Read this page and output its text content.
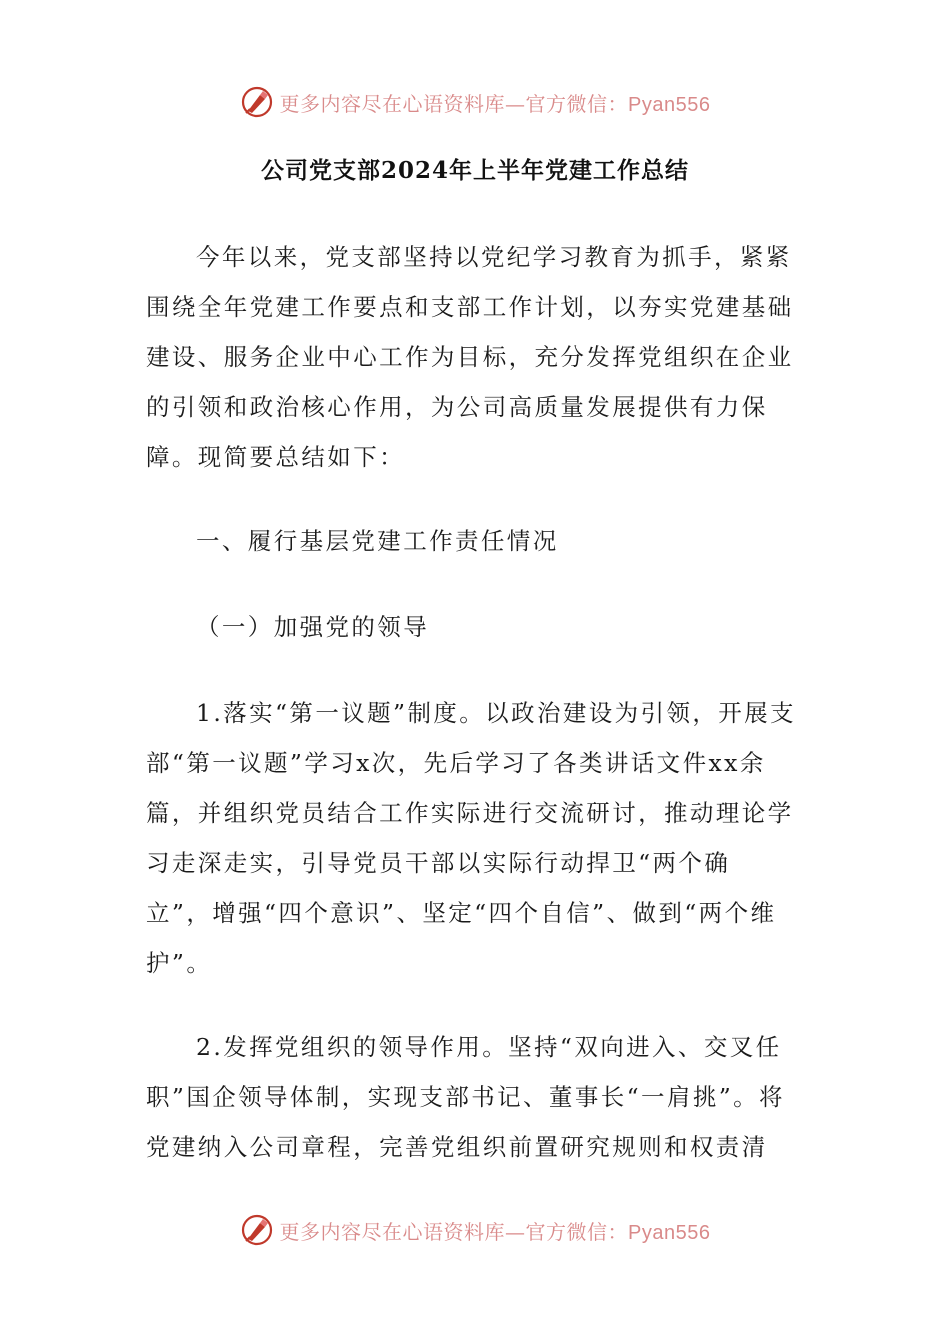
更多内容尽在心语资料库—官方微信：Pyan556
公司党支部2024年上半年党建工作总结

今年以来，党支部坚持以党纪学习教育为抓手，紧紧围绕全年党建工作要点和支部工作计划，以夯实党建基础建设、服务企业中心工作为目标，充分发挥党组织在企业的引领和政治核心作用，为公司高质量发展提供有力保障。现简要总结如下：

一、履行基层党建工作责任情况

（一）加强党的领导

1.落实“第一议题”制度。以政治建设为引领，开展支部“第一议题”学习x次，先后学习了各类讲话文件xx余篇，并组织党员结合工作实际进行交流研讨，推动理论学习走深走实，引导党员干部以实际行动捍卫“两个确立”，增强“四个意识”、坚定“四个自信”、做到“两个维护”。

2.发挥党组织的领导作用。坚持“双向进入、交叉任职”国企领导体制，实现支部书记、董事长“一肩挑”。将党建纳入公司章程，完善党组织前置研究规则和权责清

更多内容尽在心语资料库—官方微信：Pyan556
